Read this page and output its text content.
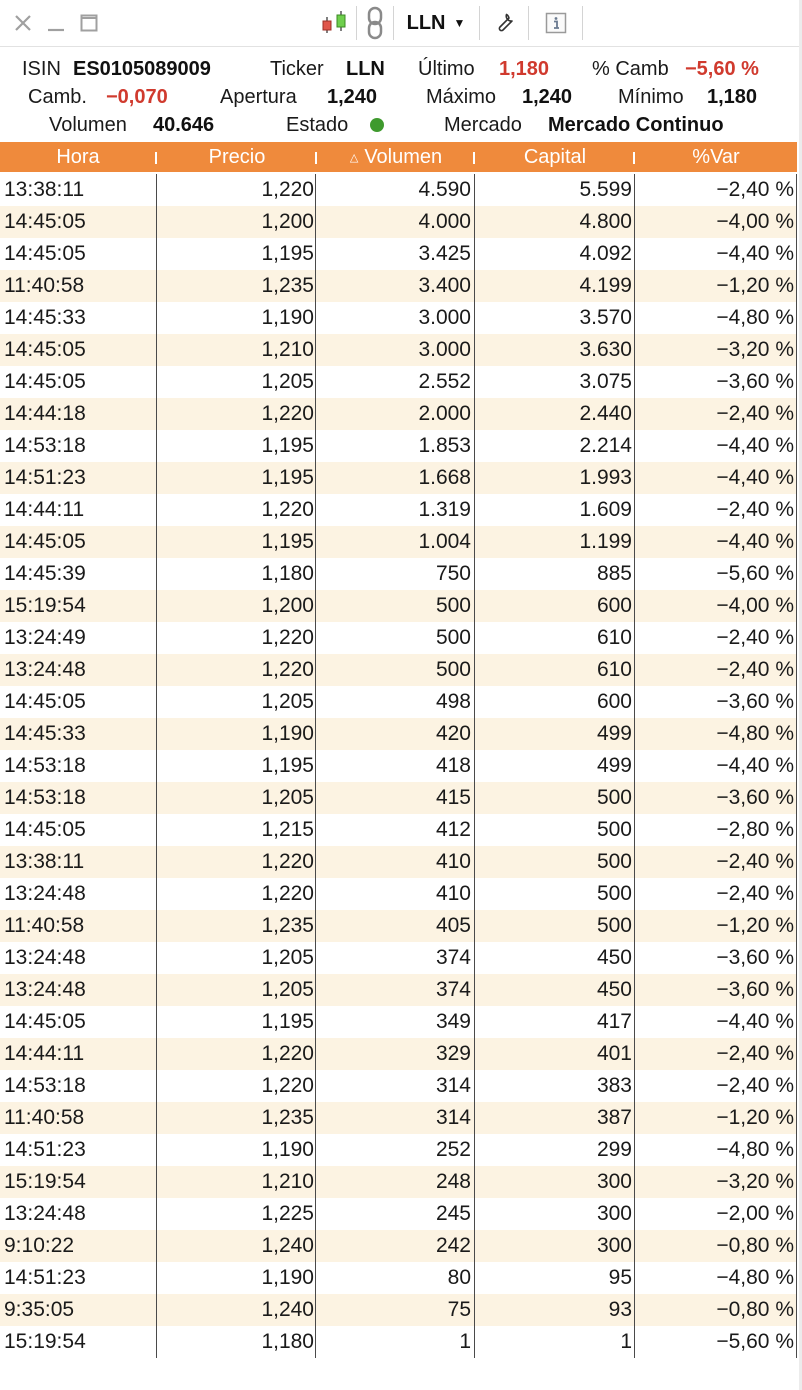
LLN ▼
ISIN ES0105089009	Ticker LLN Último 1,180 % Camb −5,60 %
Camb. −0,070	Apertura 1,240 Máximo 1,240 Mínimo 1,180
Volumen 40.646	Estado	Mercado Mercado Continuo
Hora	Precio	△ Volumen	Capital	%Var
13:38:11	1,220	4.590	5.599	−2,40 %
14:45:05	1,200	4.000	4.800	−4,00 %
14:45:05	1,195	3.425	4.092	−4,40 %
11:40:58	1,235	3.400	4.199	−1,20 %
14:45:33	1,190	3.000	3.570	−4,80 %
14:45:05	1,210	3.000	3.630	−3,20 %
14:45:05	1,205	2.552	3.075	−3,60 %
14:44:18	1,220	2.000	2.440	−2,40 %
14:53:18	1,195	1.853	2.214	−4,40 %
14:51:23	1,195	1.668	1.993	−4,40 %
14:44:11	1,220	1.319	1.609	−2,40 %
14:45:05	1,195	1.004	1.199	−4,40 %
14:45:39	1,180	750	885	−5,60 %
15:19:54	1,200	500	600	−4,00 %
13:24:49	1,220	500	610	−2,40 %
13:24:48	1,220	500	610	−2,40 %
14:45:05	1,205	498	600	−3,60 %
14:45:33	1,190	420	499	−4,80 %
14:53:18	1,195	418	499	−4,40 %
14:53:18	1,205	415	500	−3,60 %
14:45:05	1,215	412	500	−2,80 %
13:38:11	1,220	410	500	−2,40 %
13:24:48	1,220	410	500	−2,40 %
11:40:58	1,235	405	500	−1,20 %
13:24:48	1,205	374	450	−3,60 %
13:24:48	1,205	374	450	−3,60 %
14:45:05	1,195	349	417	−4,40 %
14:44:11	1,220	329	401	−2,40 %
14:53:18	1,220	314	383	−2,40 %
11:40:58	1,235	314	387	−1,20 %
14:51:23	1,190	252	299	−4,80 %
15:19:54	1,210	248	300	−3,20 %
13:24:48	1,225	245	300	−2,00 %
9:10:22	1,240	242	300	−0,80 %
14:51:23	1,190	80	95	−4,80 %
9:35:05	1,240	75	93	−0,80 %
15:19:54	1,180	1	1	−5,60 %
